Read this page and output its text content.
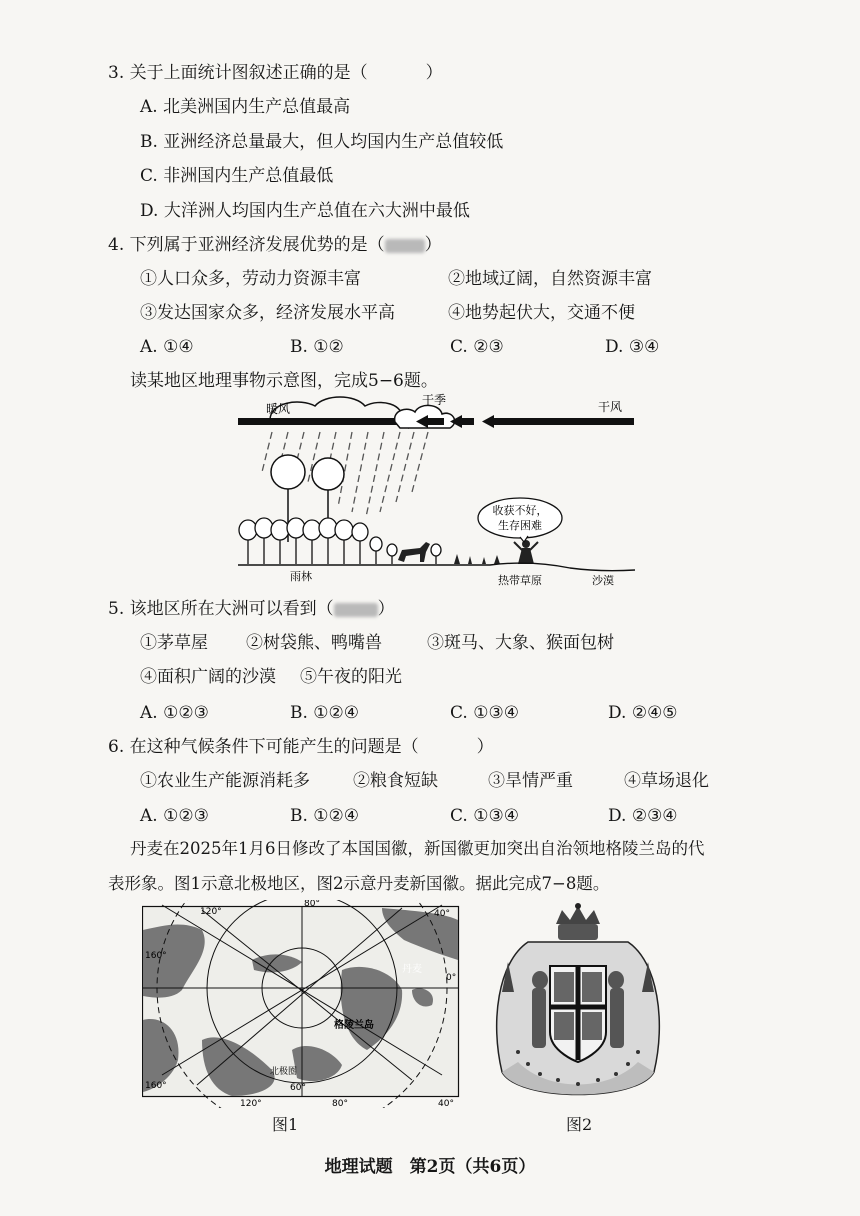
3. 关于上面统计图叙述正确的是（	）
A. 北美洲国内生产总值最高
B. 亚洲经济总量最大，但人均国内生产总值较低
C. 非洲国内生产总值最低
D. 大洋洲人均国内生产总值在六大洲中最低
4. 下列属于亚洲经济发展优势的是（ ）
①人口众多，劳动力资源丰富	②地域辽阔，自然资源丰富
③发达国家众多，经济发展水平高	④地势起伏大，交通不便
A. ①④	B. ①②	C. ②③	D. ③④
读某地区地理事物示意图，完成5−6题。
暖风
干季	干风
收获不好，
生存困难
雨林	热带草原	沙漠
5. 该地区所在大洲可以看到（	）
①茅草屋 ②树袋熊、鸭嘴兽	③斑马、大象、猴面包树
④面积广阔的沙漠 ⑤午夜的阳光
A. ①②③	B. ①②④	C. ①③④	D. ②④⑤
6. 在这种气候条件下可能产生的问题是（	）
①农业生产能源消耗多	②粮食短缺	③旱情严重	④草场退化
A. ①②③	B. ①②④	C. ①③④	D. ②③④
丹麦在2025年1月6日修改了本国国徽，新国徽更加突出自治领地格陵兰岛的代
表形象。图1示意北极地区，图2示意丹麦新国徽。据此完成7−8题。
120°
80°
40°
160°
160°
0°
120°	80°	40°
丹麦
格陵兰岛
北极圈
60°
图1	图2
地理试题　第2页（共6页）
